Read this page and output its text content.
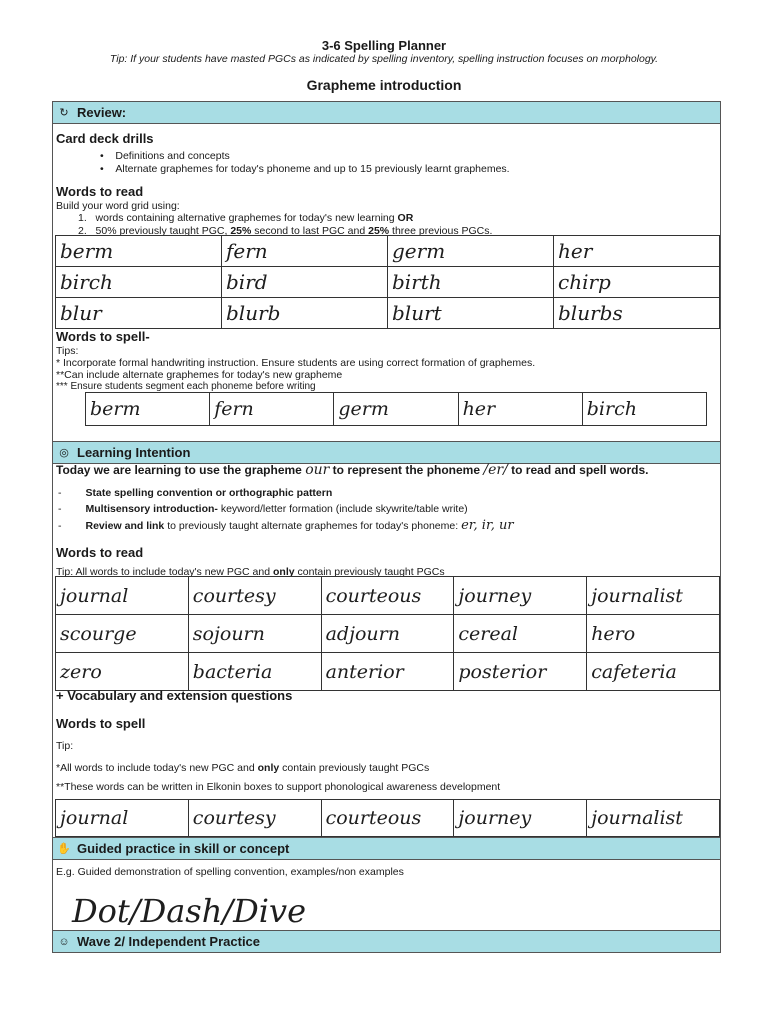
3-6 Spelling Planner
Tip: If your students have masted PGCs as indicated by spelling inventory, spelling instruction focuses on morphology.
Grapheme introduction
↻ Review:
Card deck drills
•    Definitions and concepts
•    Alternate graphemes for today's phoneme and up to 15 previously learnt graphemes.
Words to read
Build your word grid using:
1.   words containing alternative graphemes for today's new learning OR
2.   50% previously taught PGC, 25% second to last PGC and 25% three previous PGCs.
berm	fern	germ	her
birch	bird	birth	chirp
blur	blurb	blurt	blurbs
Words to spell-
Tips:
* Incorporate formal handwriting instruction. Ensure students are using correct formation of graphemes.
**Can include alternate graphemes for today's new grapheme
*** Ensure students segment each phoneme before writing
berm	fern	germ	her	birch
◎ Learning Intention
Today we are learning to use the grapheme our to represent the phoneme /er/ to read and spell words.
- State spelling convention or orthographic pattern
- Multisensory introduction- keyword/letter formation (include skywrite/table write)
- Review and link to previously taught alternate graphemes for today's phoneme: er, ir, ur
Words to read
Tip: All words to include today's new PGC and only contain previously taught PGCs
journal	courtesy	courteous	journey	journalist
scourge	sojourn	adjourn	cereal	hero
zero	bacteria	anterior	posterior	cafeteria
+ Vocabulary and extension questions
Words to spell
Tip:
*All words to include today's new PGC and only contain previously taught PGCs
**These words can be written in Elkonin boxes to support phonological awareness development
journal	courtesy	courteous	journey	journalist
✋ Guided practice in skill or concept
E.g. Guided demonstration of spelling convention, examples/non examples
Dot/Dash/Dive
☺ Wave 2/ Independent Practice
